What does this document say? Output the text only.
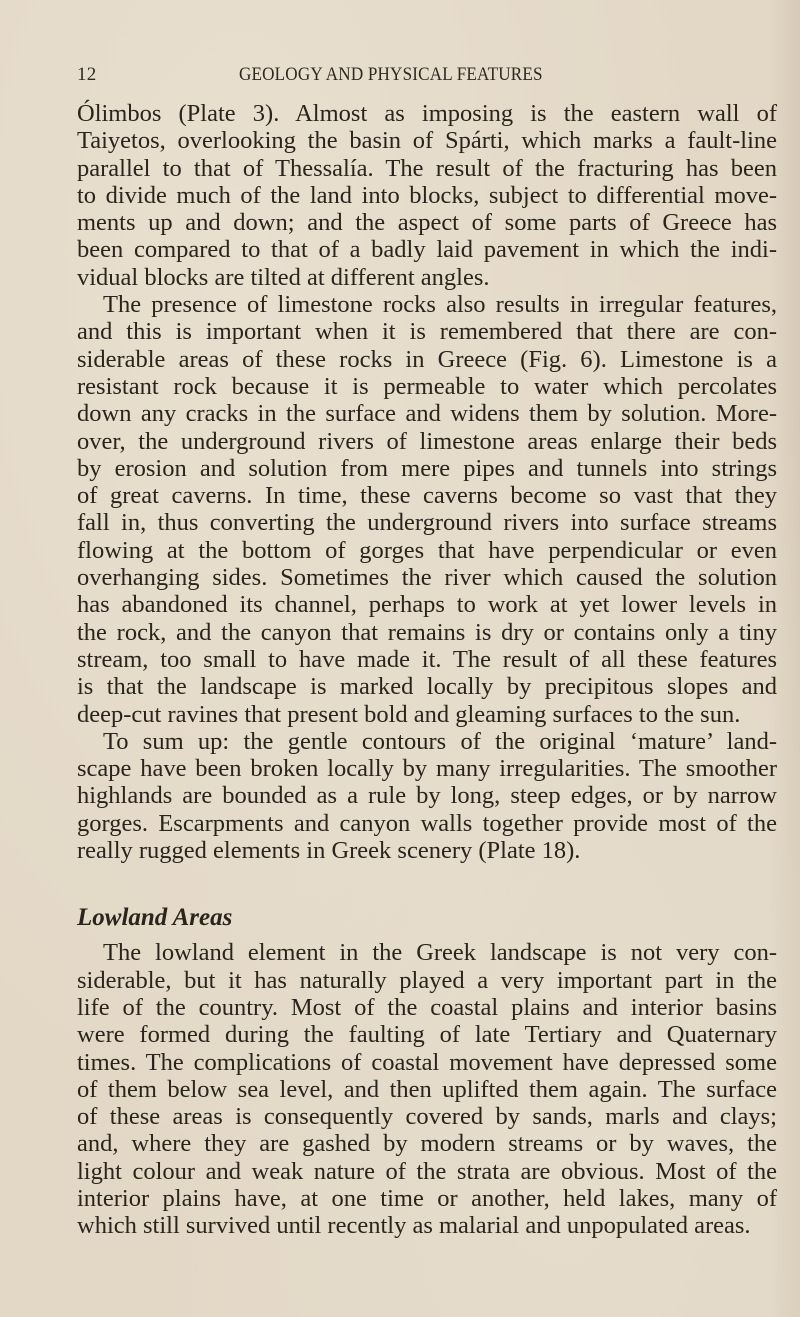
12	GEOLOGY AND PHYSICAL FEATURES

Ólimbos (Plate 3). Almost as imposing is the eastern wall of
Taiyetos, overlooking the basin of Spárti, which marks a fault-line
parallel to that of Thessalía. The result of the fracturing has been
to divide much of the land into blocks, subject to differential move-
ments up and down; and the aspect of some parts of Greece has
been compared to that of a badly laid pavement in which the indi-
vidual blocks are tilted at different angles.

The presence of limestone rocks also results in irregular features,
and this is important when it is remembered that there are con-
siderable areas of these rocks in Greece (Fig. 6). Limestone is a
resistant rock because it is permeable to water which percolates
down any cracks in the surface and widens them by solution. More-
over, the underground rivers of limestone areas enlarge their beds
by erosion and solution from mere pipes and tunnels into strings
of great caverns. In time, these caverns become so vast that they
fall in, thus converting the underground rivers into surface streams
flowing at the bottom of gorges that have perpendicular or even
overhanging sides. Sometimes the river which caused the solution
has abandoned its channel, perhaps to work at yet lower levels in
the rock, and the canyon that remains is dry or contains only a tiny
stream, too small to have made it. The result of all these features
is that the landscape is marked locally by precipitous slopes and
deep-cut ravines that present bold and gleaming surfaces to the sun.

To sum up: the gentle contours of the original ‘mature’ land-
scape have been broken locally by many irregularities. The smoother
highlands are bounded as a rule by long, steep edges, or by narrow
gorges. Escarpments and canyon walls together provide most of the
really rugged elements in Greek scenery (Plate 18).

Lowland Areas

The lowland element in the Greek landscape is not very con-
siderable, but it has naturally played a very important part in the
life of the country. Most of the coastal plains and interior basins
were formed during the faulting of late Tertiary and Quaternary
times. The complications of coastal movement have depressed some
of them below sea level, and then uplifted them again. The surface
of these areas is consequently covered by sands, marls and clays;
and, where they are gashed by modern streams or by waves, the
light colour and weak nature of the strata are obvious. Most of the
interior plains have, at one time or another, held lakes, many of
which still survived until recently as malarial and unpopulated areas.
